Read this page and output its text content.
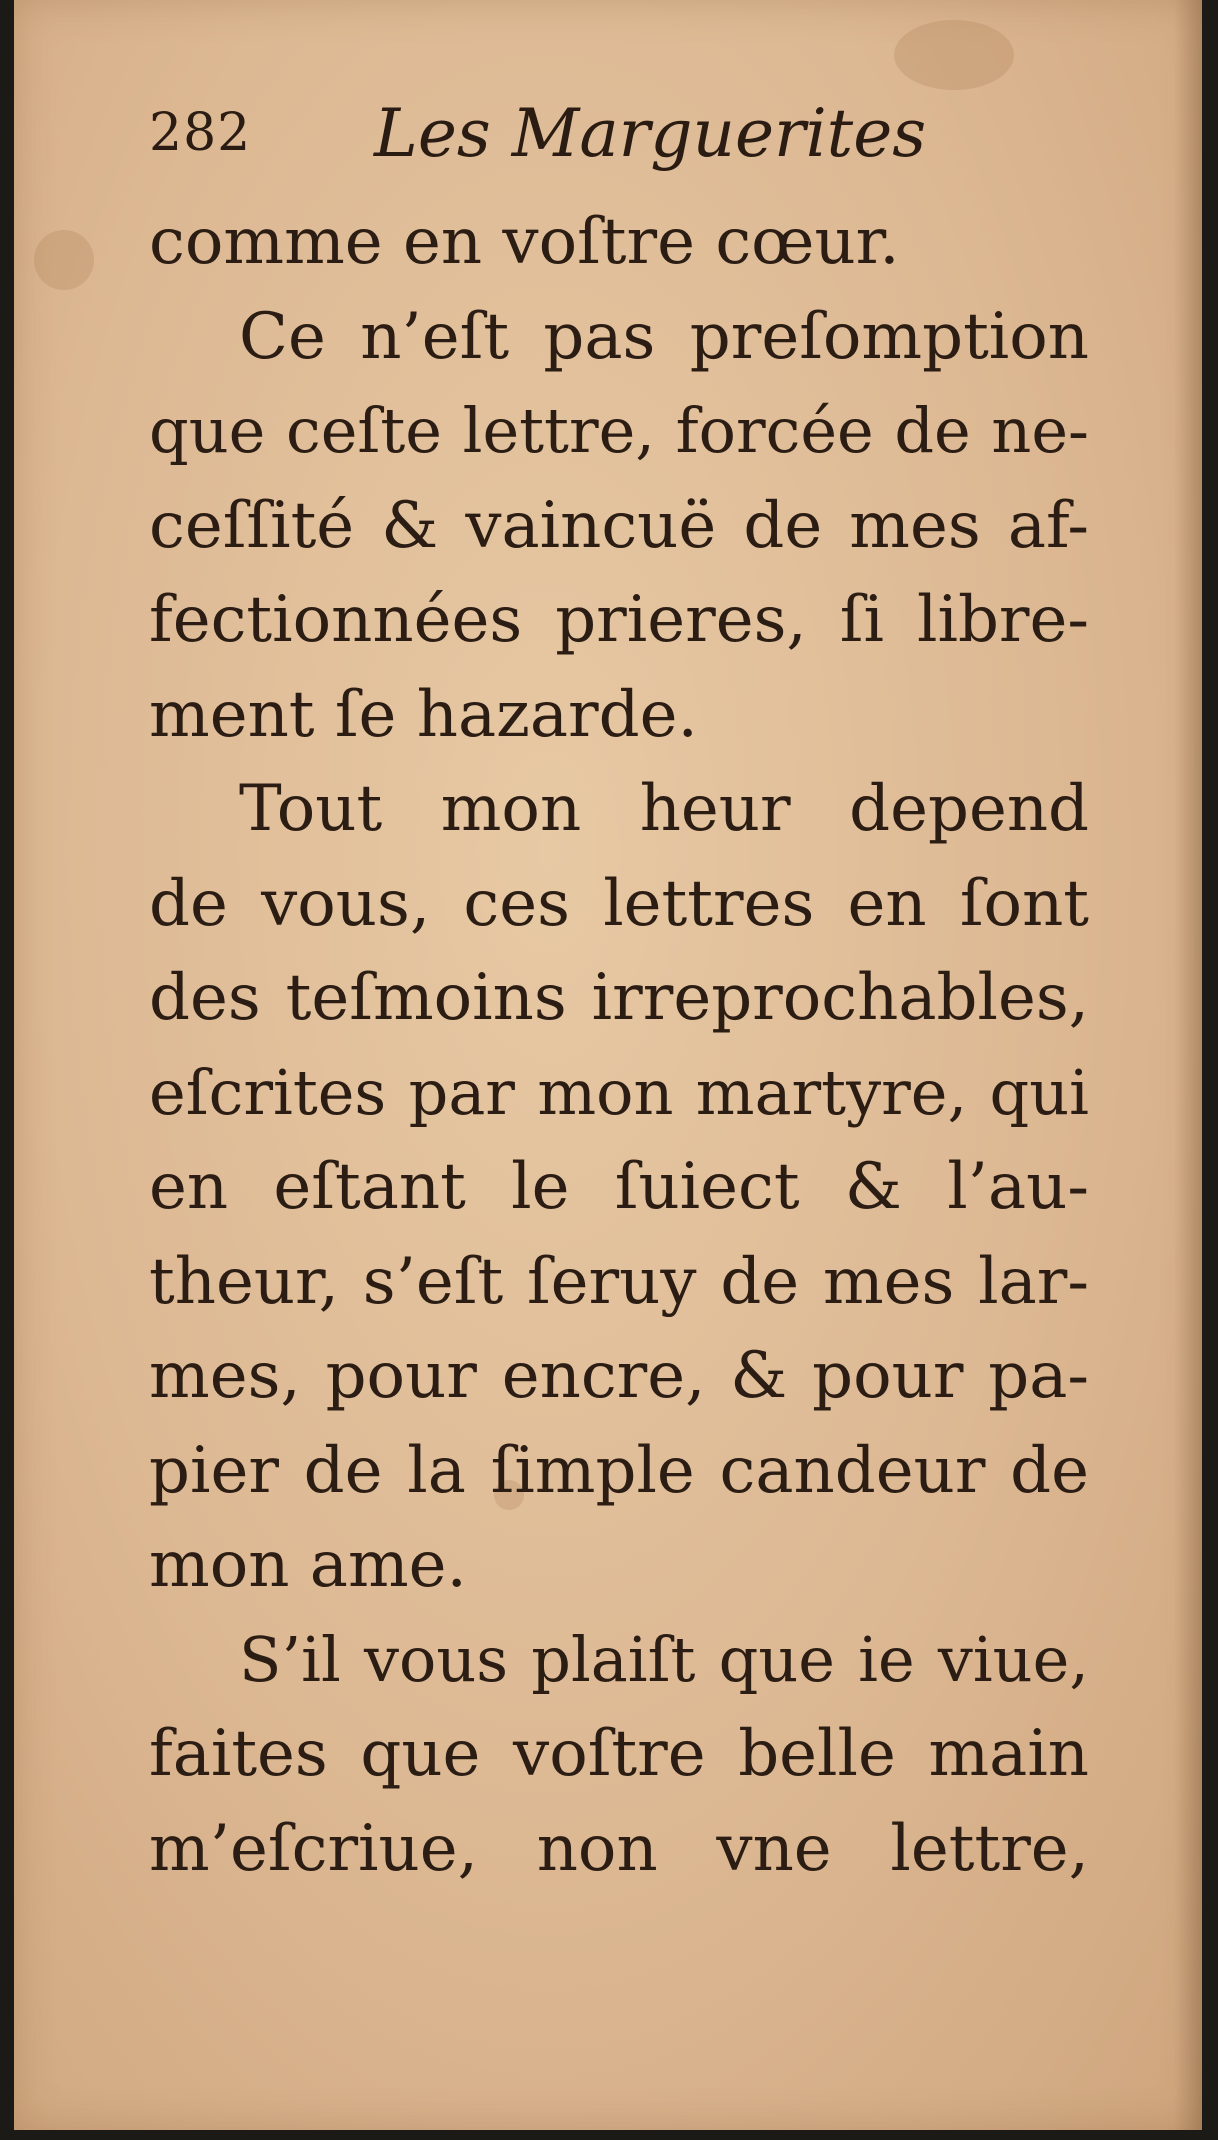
282 Les Marguerites
comme en voſtre cœur.
Ce n’eſt pas preſomption
que ceſte lettre, forcée de ne-
ceſſité & vaincuë de mes af-
fectionnées prieres, ſi libre-
ment ſe hazarde.
Tout mon heur depend
de vous, ces lettres en ſont
des teſmoins irreprochables,
eſcrites par mon martyre, qui
en eſtant le ſuiect & l’au-
theur, s’eſt ſeruy de mes lar-
mes, pour encre, & pour pa-
pier de la ſimple candeur de
mon ame.
S’il vous plaiſt que ie viue,
faites que voſtre belle main
m’eſcriue, non vne lettre,
